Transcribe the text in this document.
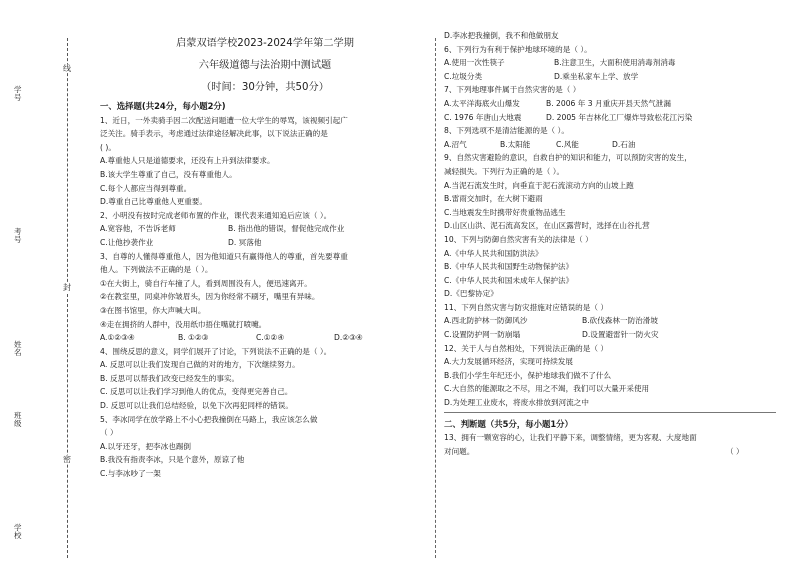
学号
考号
姓名
班级
学校
线
封
密
启蒙双语学校2023-2024学年第二学期
六年级道德与法治期中测试题
（时间：30分钟，共50分）
一、选择题(共24分，每小题2分)
1、近日，一外卖骑手因二次配送问题遭一位大学生的辱骂，该视频引起广
泛关注。骑手表示，考虑通过法律途径解决此事，以下说法正确的是
( )。
A.尊重他人只是道德要求，还没有上升到法律要求。
B.该大学生尊重了自己，没有尊重他人。
C.每个人都应当得到尊重。
D.尊重自己比尊重他人更重要。
2、小明没有按时完成老师布置的作业，课代表来通知追后应该（ ）。
A.宽容他，不告诉老师	B. 指出他的错误，督促他完成作业
C.让他抄袭作业	D. 冥落他
3、自尊的人懂得尊重他人，因为他知道只有赢得他人的尊重，首先要尊重
他人。下列做法不正确的是（ ）。
①在大街上，骑自行车撞了人，看到周围没有人，便迅速离开。
②在教室里，同桌冲你皱眉头，因为你经常不刷牙，嘴里有异味。
③在图书馆里，你大声喊大叫。
④走在拥挤的人群中，没用纸巾捂住嘴就打喷嚏。
A.①②③④	B. ①②③	C.①②④	D.②③④
4、围绕反思的意义，同学们展开了讨论，下列说法不正确的是（ ）。
A. 反思可以让我们发现自己做的对的地方，下次继续努力。
B. 反思可以帮我们改变已经发生的事实。
C. 反思可以让我们学习到他人的优点，变得更完善自己。
D. 反思可以让我们总结经验，以免下次再犯同样的错误。
5、李冰同学在放学路上不小心把我撞倒在马路上，我应该怎么做
（ ）
A.以牙还牙，把李冰也踢倒
B.我没有指责李冰，只是个意外，原谅了他
C.与李冰吵了一架
D.李冰把我撞倒，我不和他做朋友
6、下列行为有利于保护地球环境的是（ ）。
A.使用一次性筷子	B.注意卫生，大面积使用消毒剂消毒
C.垃圾分类	D.乘坐私家车上学、放学
7、下列地理事件属于自然灾害的是（ ）
A.太平洋海底火山爆发	B. 2006 年 3 月重庆开县天然气泄漏
C. 1976 年唐山大地震	D. 2005 年吉林化工厂爆炸导致松花江污染
8、下列选项不是清洁能源的是（ ）。
A.沼气	B.太阳能	C.风能	D.石油
9、自然灾害避险的意识，自救自护的知识和能力，可以预防灾害的发生，
减轻损失。下列行为正确的是（ ）。
A.当泥石流发生时，向垂直于泥石流滚动方向的山坡上跑
B.雷雨交加时，在大树下避雨
C.当地震发生时携带好贵重物品逃生
D.山区山洪、泥石流高发区，在山区露营时，选择在山谷扎营
10、下列与防御自然灾害有关的法律是（ ）
A.《中华人民共和国防洪法》
B.《中华人民共和国野生动物保护法》
C.《中华人民共和国未成年人保护法》
D.《巴黎协定》
11、下列自然灾害与防灾措施对应错误的是（ ）
A.西北防护林一防御风沙	B.砍伐森林一防治滑坡
C.设置防护网一防崩塌	D.设置避雷针一防火灾
12、关于人与自然相处，下列说法正确的是（ ）
A.大力发展循环经济，实现可持续发展
B.我们小学生年纪还小，保护地球我们做不了什么
C.大自然的能源取之不尽，用之不竭，我们可以大量开采使用
D.为处理工业废水，将废水排放到河流之中
二、判断题（共5分，每小题1分）
13、拥有一颗宽容的心，让我们平静下来，调整情绪，更为客观、大度地面
对问题。	（ ）
